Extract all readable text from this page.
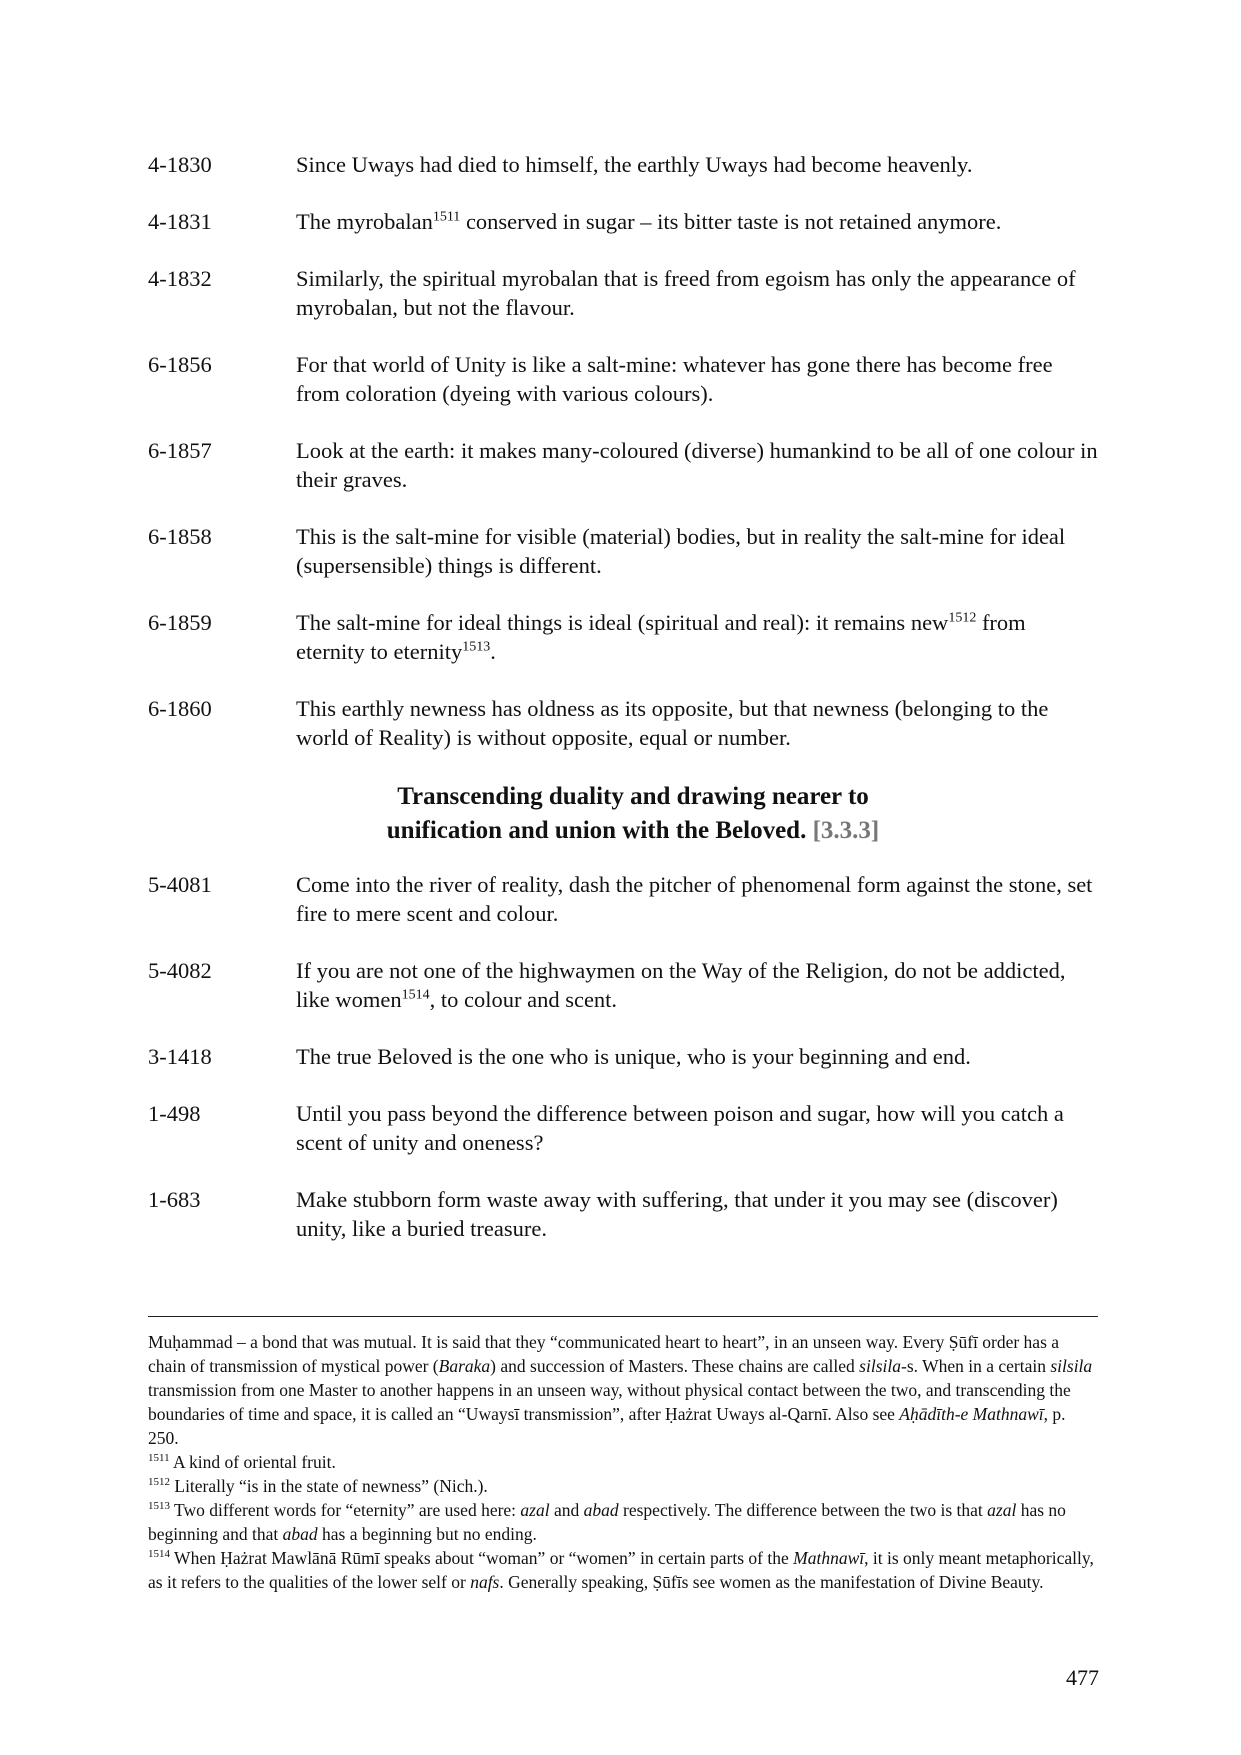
4-1830	Since Uways had died to himself, the earthly Uways had become heavenly.
4-1831	The myrobalan$^{1511}$ conserved in sugar – its bitter taste is not retained anymore.
4-1832	Similarly, the spiritual myrobalan that is freed from egoism has only the appearance of myrobalan, but not the flavour.
6-1856	For that world of Unity is like a salt-mine: whatever has gone there has become free from coloration (dyeing with various colours).
6-1857	Look at the earth: it makes many-coloured (diverse) humankind to be all of one colour in their graves.
6-1858	This is the salt-mine for visible (material) bodies, but in reality the salt-mine for ideal (supersensible) things is different.
6-1859	The salt-mine for ideal things is ideal (spiritual and real): it remains new$^{1512}$ from eternity to eternity$^{1513}$.
6-1860	This earthly newness has oldness as its opposite, but that newness (belonging to the world of Reality) is without opposite, equal or number.
Transcending duality and drawing nearer to
unification and union with the Beloved. [3.3.3]
5-4081	Come into the river of reality, dash the pitcher of phenomenal form against the stone, set fire to mere scent and colour.
5-4082	If you are not one of the highwaymen on the Way of the Religion, do not be addicted, like women$^{1514}$, to colour and scent.
3-1418	The true Beloved is the one who is unique, who is your beginning and end.
1-498	Until you pass beyond the difference between poison and sugar, how will you catch a scent of unity and oneness?
1-683	Make stubborn form waste away with suffering, that under it you may see (discover) unity, like a buried treasure.

Muḥammad – a bond that was mutual. It is said that they “communicated heart to heart”, in an unseen way. Every Ṣūfī order has a chain of transmission of mystical power (Baraka) and succession of Masters. These chains are called silsila-s. When in a certain silsila transmission from one Master to another happens in an unseen way, without physical contact between the two, and transcending the boundaries of time and space, it is called an “Uwaysī transmission”, after Ḥażrat Uways al-Qarnī. Also see Aḥādīth-e Mathnawī, p. 250.

$^{1511}$ A kind of oriental fruit.

$^{1512}$ Literally “is in the state of newness” (Nich.).

$^{1513}$ Two different words for “eternity” are used here: azal and abad respectively. The difference between the two is that azal has no beginning and that abad has a beginning but no ending.

$^{1514}$ When Ḥażrat Mawlānā Rūmī speaks about “woman” or “women” in certain parts of the Mathnawī, it is only meant metaphorically, as it refers to the qualities of the lower self or nafs. Generally speaking, Ṣūfīs see women as the manifestation of Divine Beauty.

477
